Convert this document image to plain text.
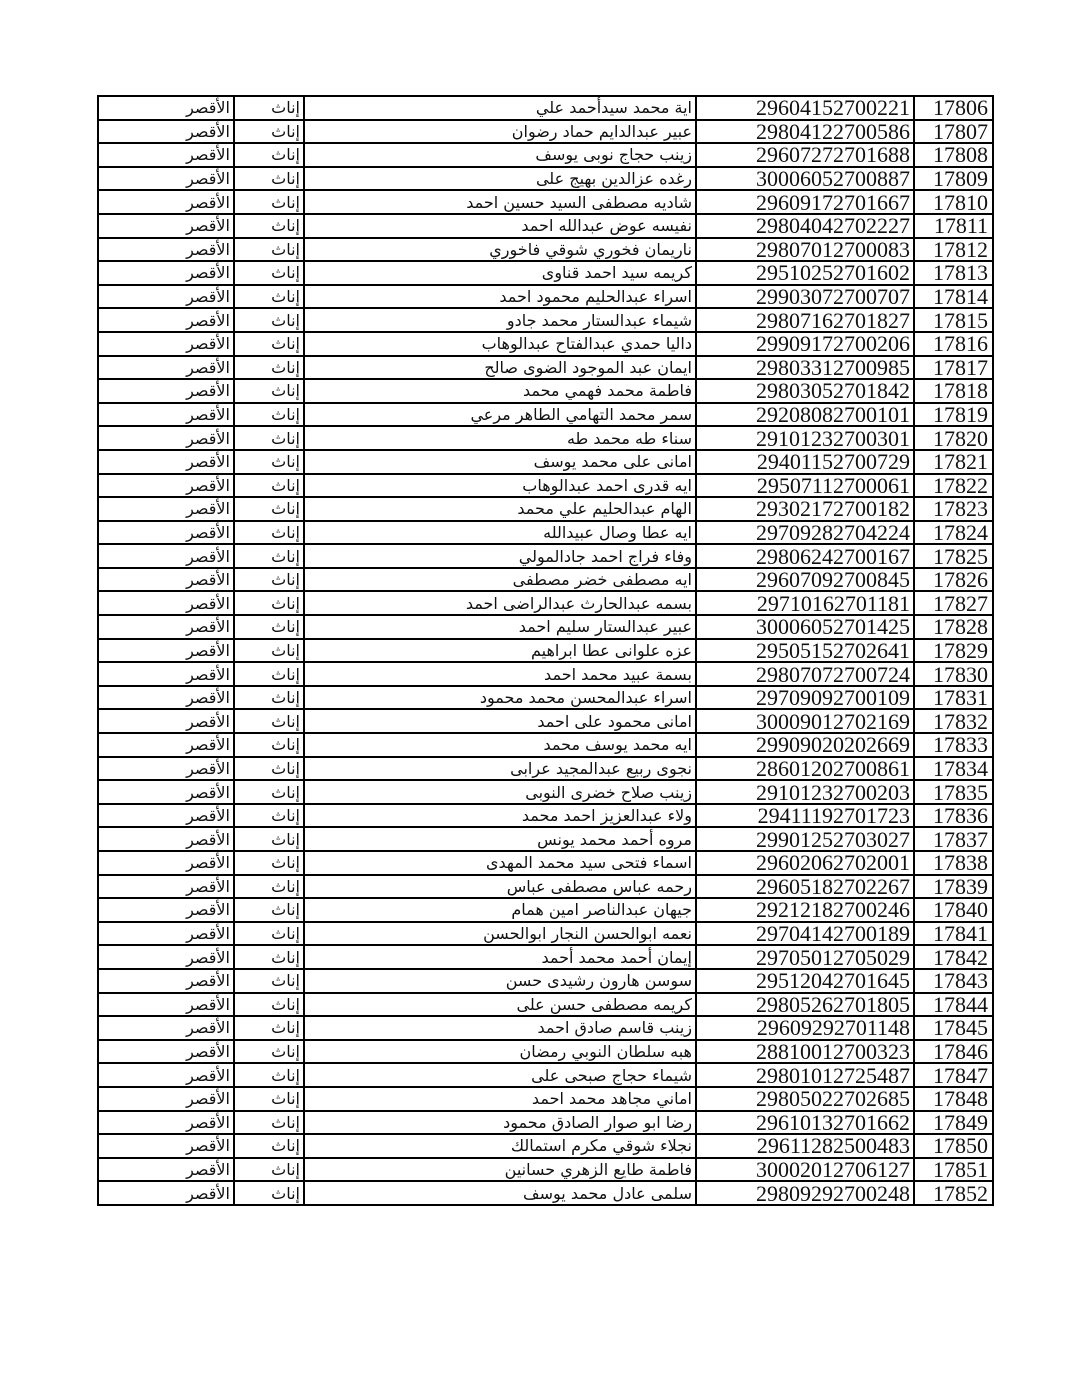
17806	29604152700221	اية محمد سيدأحمد علي	إناث	الأقصر
17807	29804122700586	عبير عبدالدايم حماد رضوان	إناث	الأقصر
17808	29607272701688	زينب حجاج نوبى يوسف	إناث	الأقصر
17809	30006052700887	رغده عزالدين بهيج على	إناث	الأقصر
17810	29609172701667	شاديه مصطفى السيد حسين احمد	إناث	الأقصر
17811	29804042702227	نفيسه عوض عبدالله احمد	إناث	الأقصر
17812	29807012700083	ناريمان فخوري شوقي فاخوري	إناث	الأقصر
17813	29510252701602	كريمه سيد احمد قناوى	إناث	الأقصر
17814	29903072700707	اسراء عبدالحليم محمود احمد	إناث	الأقصر
17815	29807162701827	شيماء عبدالستار محمد جادو	إناث	الأقصر
17816	29909172700206	داليا حمدي عبدالفتاح عبدالوهاب	إناث	الأقصر
17817	29803312700985	ايمان عبد الموجود الضوى صالح	إناث	الأقصر
17818	29803052701842	فاطمة محمد فهمي محمد	إناث	الأقصر
17819	29208082700101	سمر محمد التهامي الطاهر مرعي	إناث	الأقصر
17820	29101232700301	سناء طه محمد طه	إناث	الأقصر
17821	29401152700729	امانى على محمد يوسف	إناث	الأقصر
17822	29507112700061	ايه قدرى احمد عبدالوهاب	إناث	الأقصر
17823	29302172700182	الهام عبدالحليم علي محمد	إناث	الأقصر
17824	29709282704224	ايه عطا وصال عبيدالله	إناث	الأقصر
17825	29806242700167	وفاء فراج احمد جادالمولي	إناث	الأقصر
17826	29607092700845	ايه مصطفى خضر مصطفى	إناث	الأقصر
17827	29710162701181	بسمه عبدالحارث عبدالراضى احمد	إناث	الأقصر
17828	30006052701425	عبير عبدالستار سليم احمد	إناث	الأقصر
17829	29505152702641	عزه علوانى عطا ابراهيم	إناث	الأقصر
17830	29807072700724	بسمة عبيد محمد احمد	إناث	الأقصر
17831	29709092700109	اسراء عبدالمحسن محمد محمود	إناث	الأقصر
17832	30009012702169	امانى محمود على احمد	إناث	الأقصر
17833	29909020202669	ايه محمد يوسف محمد	إناث	الأقصر
17834	28601202700861	نجوى ربيع عبدالمجيد عرابى	إناث	الأقصر
17835	29101232700203	زينب صلاح خضرى النوبى	إناث	الأقصر
17836	29411192701723	ولاء عبدالعزيز احمد محمد	إناث	الأقصر
17837	29901252703027	مروه أحمد محمد يونس	إناث	الأقصر
17838	29602062702001	اسماء فتحى سيد محمد المهدى	إناث	الأقصر
17839	29605182702267	رحمه عباس مصطفى عباس	إناث	الأقصر
17840	29212182700246	جيهان عبدالناصر امين همام	إناث	الأقصر
17841	29704142700189	نعمه ابوالحسن النجار ابوالحسن	إناث	الأقصر
17842	29705012705029	إيمان أحمد محمد أحمد	إناث	الأقصر
17843	29512042701645	سوسن هارون رشيدى حسن	إناث	الأقصر
17844	29805262701805	كريمه مصطفى حسن على	إناث	الأقصر
17845	29609292701148	زينب قاسم صادق احمد	إناث	الأقصر
17846	28810012700323	هبه سلطان النوبي رمضان	إناث	الأقصر
17847	29801012725487	شيماء حجاج صبحى على	إناث	الأقصر
17848	29805022702685	اماني مجاهد محمد احمد	إناث	الأقصر
17849	29610132701662	رضا ابو صوار الصادق محمود	إناث	الأقصر
17850	29611282500483	نجلاء شوقي مكرم استمالك	إناث	الأقصر
17851	30002012706127	فاطمة طايع الزهري حسانين	إناث	الأقصر
17852	29809292700248	سلمى عادل محمد يوسف	إناث	الأقصر
